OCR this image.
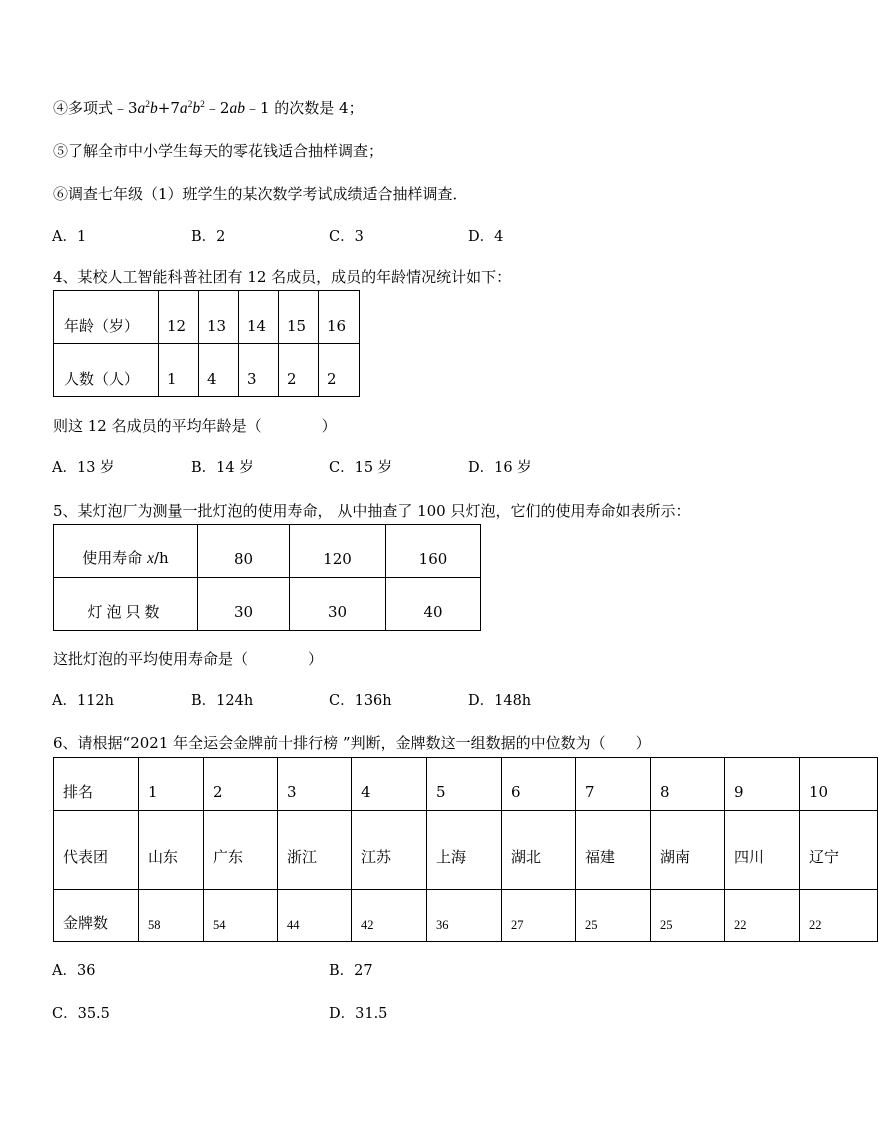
④多项式$﹣3a^2b+7a^2b^2﹣2ab﹣1$ 的次数是 4；
⑤了解全市中小学生每天的零花钱适合抽样调查；
⑥调查七年级（1）班学生的某次数学考试成绩适合抽样调查．
A．1	B．2	C．3	D．4
4、某校人工智能科普社团有 12 名成员，成员的年龄情况统计如下：
年龄（岁）	12	13	14	15	16
人数（人）	1	4	3	2	2
则这 12 名成员的平均年龄是（　　　　）
A．13 岁	B．14 岁	C．15 岁	D．16 岁
5、某灯泡厂为测量一批灯泡的使用寿命， 从中抽查了 100 只灯泡，它们的使用寿命如表所示：
使用寿命 x/h	80	120	160
灯泡只数	30	30	40
这批灯泡的平均使用寿命是（　　　　）
A．112h	B．124h	C．136h	D．148h
6、请根据“2021 年全运会金牌前十排行榜 ”判断，金牌数这一组数据的中位数为（　　）
排名	1	2	3	4	5	6	7	8	9	10
代表团	山东	广东	浙江	江苏	上海	湖北	福建	湖南	四川	辽宁
金牌数	58	54	44	42	36	27	25	25	22	22
A．36	B．27
C．35.5	D．31.5
